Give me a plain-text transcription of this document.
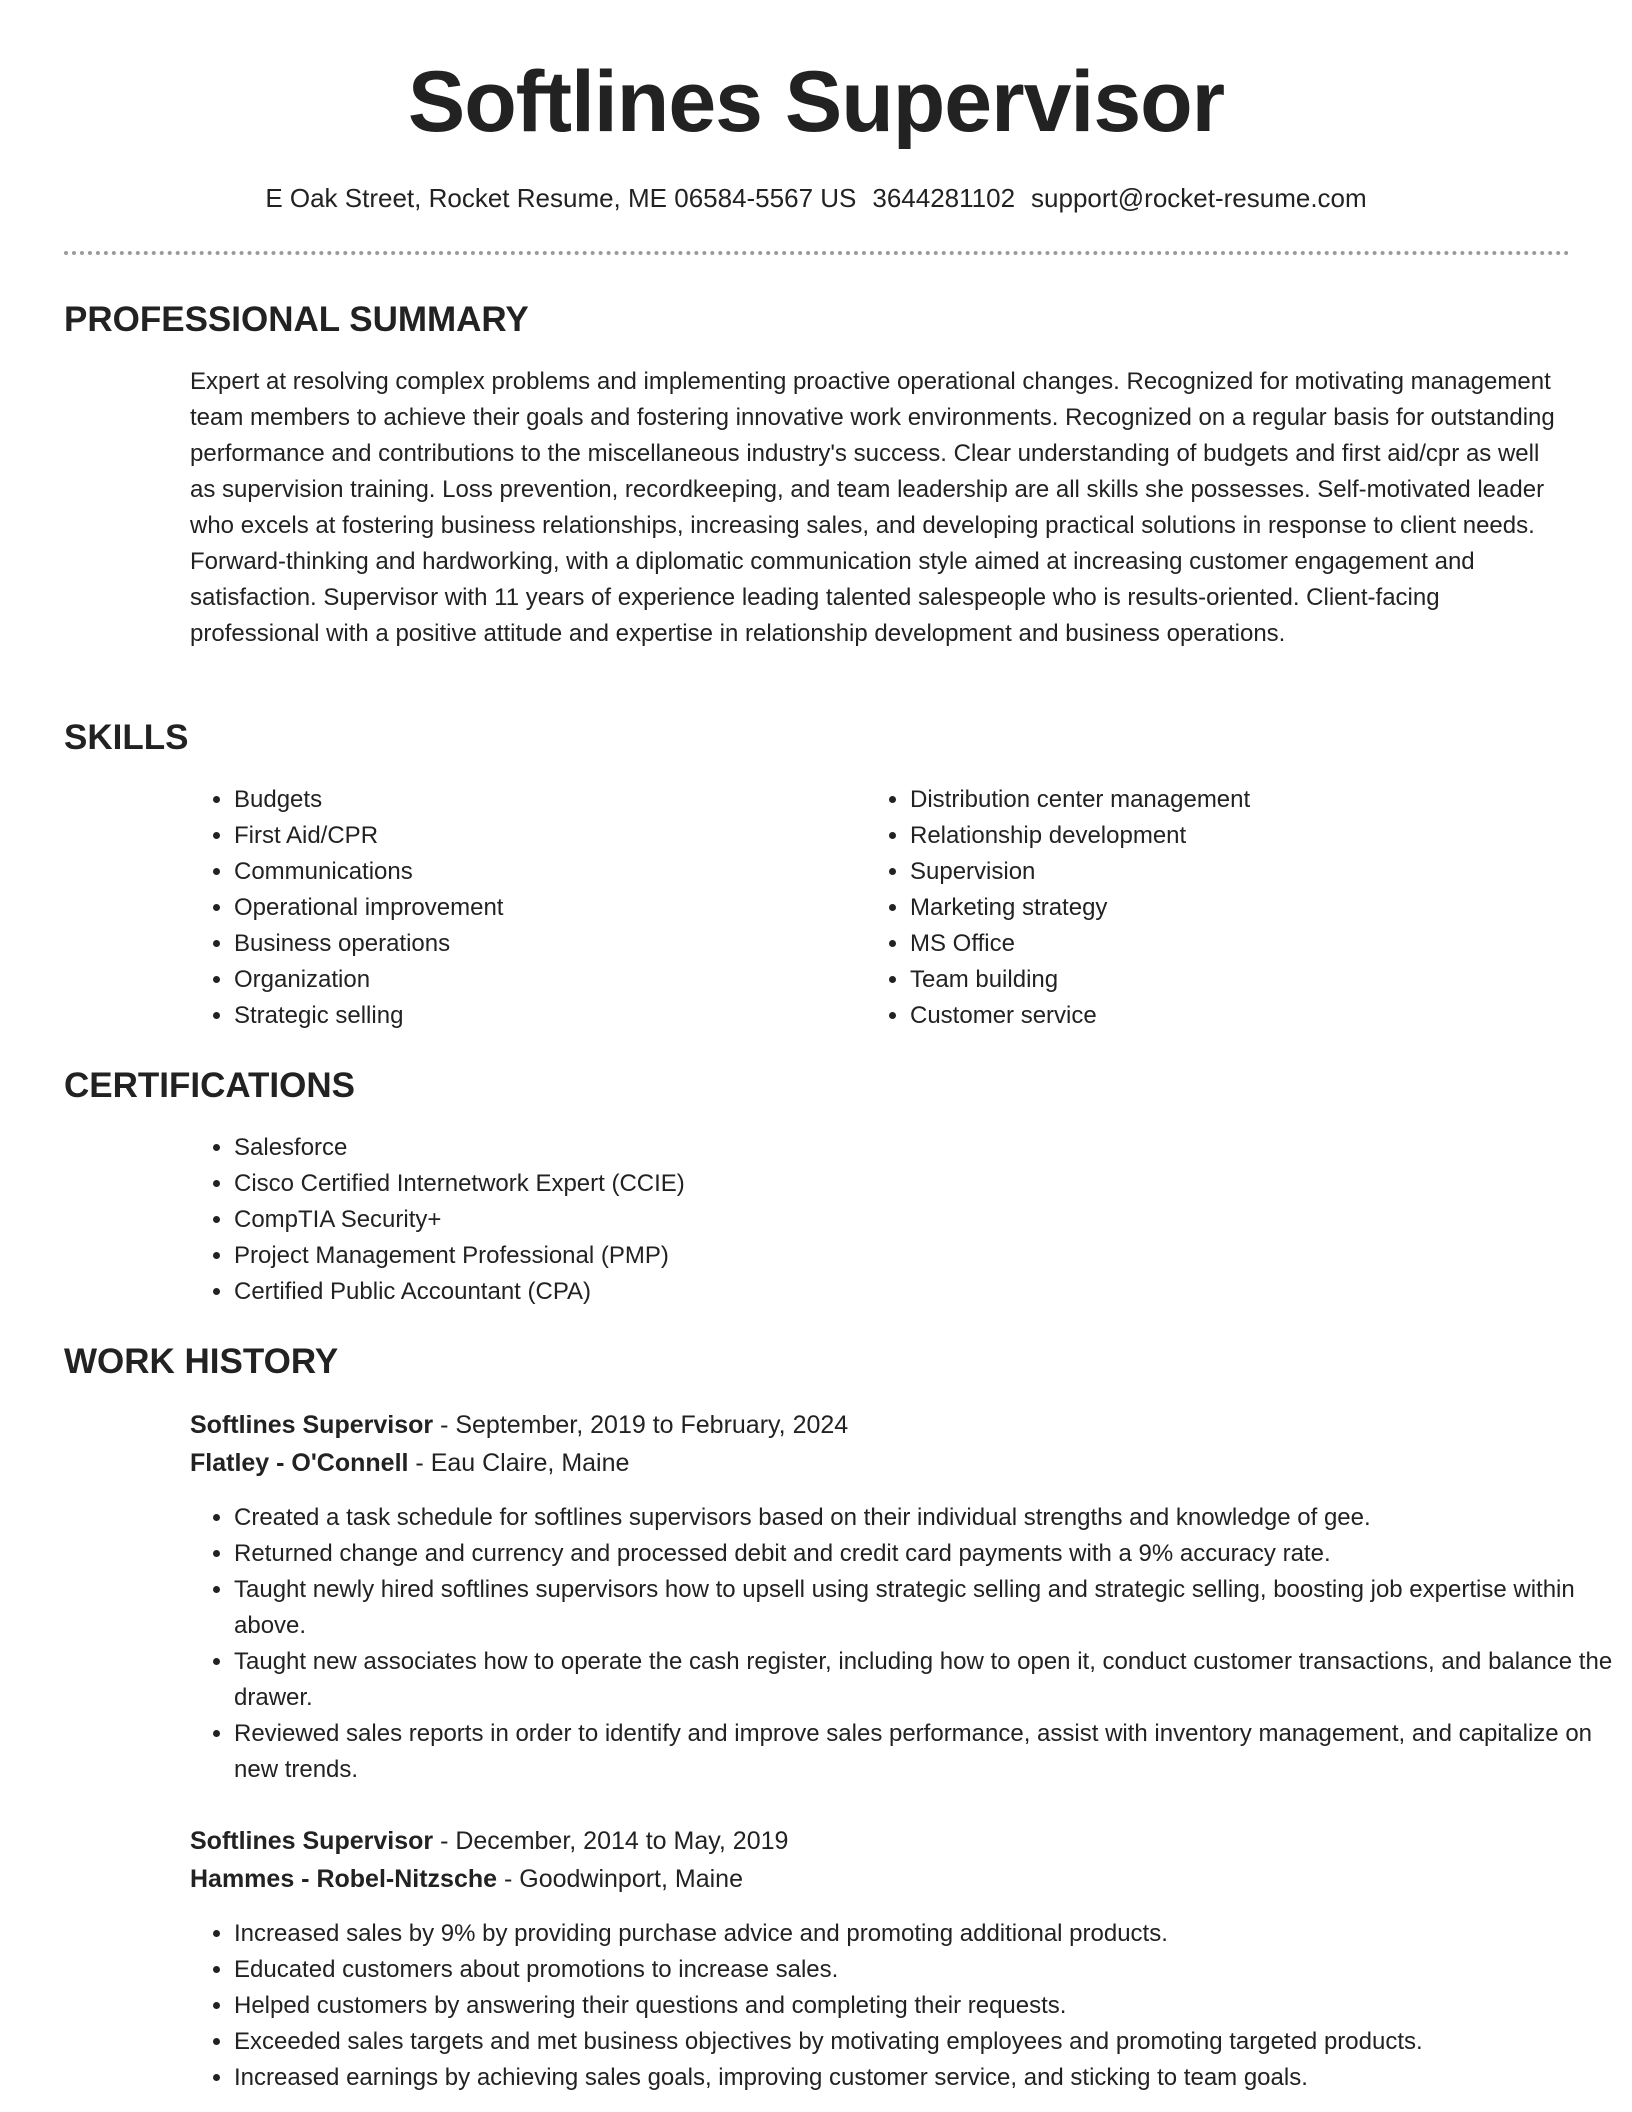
Softlines Supervisor
E Oak Street, Rocket Resume, ME 06584-5567 US 3644281102 support@rocket-resume.com
PROFESSIONAL SUMMARY

Expert at resolving complex problems and implementing proactive operational changes. Recognized for motivating management team members to achieve their goals and fostering innovative work environments. Recognized on a regular basis for outstanding performance and contributions to the miscellaneous industry's success. Clear understanding of budgets and first aid/cpr as well as supervision training. Loss prevention, recordkeeping, and team leadership are all skills she possesses. Self-motivated leader who excels at fostering business relationships, increasing sales, and developing practical solutions in response to client needs. Forward-thinking and hardworking, with a diplomatic communication style aimed at increasing customer engagement and satisfaction. Supervisor with 11 years of experience leading talented salespeople who is results-oriented. Client-facing professional with a positive attitude and expertise in relationship development and business operations.

SKILLS
• Budgets
• First Aid/CPR
• Communications
• Operational improvement
• Business operations
• Organization
• Strategic selling
• Distribution center management
• Relationship development
• Supervision
• Marketing strategy
• MS Office
• Team building
• Customer service
CERTIFICATIONS
• Salesforce
• Cisco Certified Internetwork Expert (CCIE)
• CompTIA Security+
• Project Management Professional (PMP)
• Certified Public Accountant (CPA)
WORK HISTORY
Softlines Supervisor - September, 2019 to February, 2024
Flatley - O'Connell - Eau Claire, Maine
• Created a task schedule for softlines supervisors based on their individual strengths and knowledge of gee.
• Returned change and currency and processed debit and credit card payments with a 9% accuracy rate.
• Taught newly hired softlines supervisors how to upsell using strategic selling and strategic selling, boosting job expertise within above.
• Taught new associates how to operate the cash register, including how to open it, conduct customer transactions, and balance the drawer.
• Reviewed sales reports in order to identify and improve sales performance, assist with inventory management, and capitalize on new trends.
Softlines Supervisor - December, 2014 to May, 2019
Hammes - Robel-Nitzsche - Goodwinport, Maine
• Increased sales by 9% by providing purchase advice and promoting additional products.
• Educated customers about promotions to increase sales.
• Helped customers by answering their questions and completing their requests.
• Exceeded sales targets and met business objectives by motivating employees and promoting targeted products.
• Increased earnings by achieving sales goals, improving customer service, and sticking to team goals.
